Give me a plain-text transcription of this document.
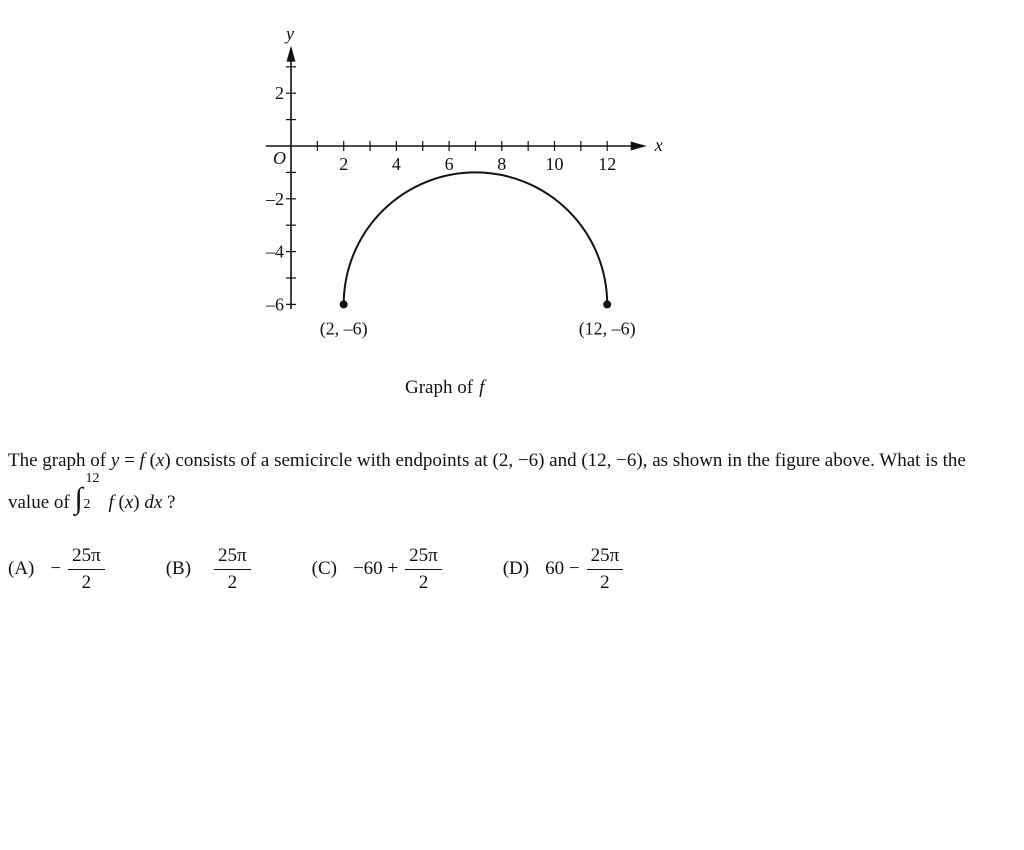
x
y
O	2 4 6 8 10 12
2
–2
–4
–6
(2, –6)	(12, –6)
Graph of f
The graph of y = f (x) consists of a semicircle with endpoints at (2, −6) and (12, −6), as shown in the figure above. What is the value of ∫
12
2 f (x) dx ?
$(A) - \frac{25\pi}{2}$	$(B) \frac{25\pi}{2}$	$(C) -60 + \frac{25\pi}{2}$	(D) $60 - \frac{25\pi}{2}$
